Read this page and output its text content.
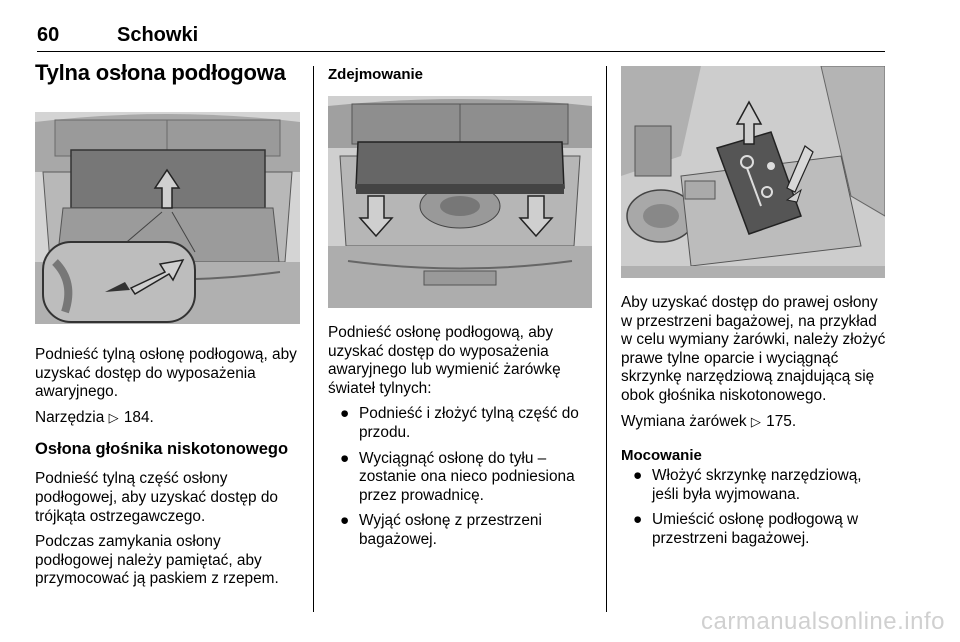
60	Schowki
Tylna osłona podłogowa

Podnieść tylną osłonę podłogową, aby uzyskać dostęp do wyposażenia awaryjnego.

Narzędzia ▷ 184.

Osłona głośnika niskotonowego

Podnieść tylną część osłony podłogowej, aby uzyskać dostęp do trójkąta ostrzegawczego.

Podczas zamykania osłony podłogowej należy pamiętać, aby przymocować ją paskiem z rzepem.

Zdejmowanie

Podnieść osłonę podłogową, aby uzyskać dostęp do wyposażenia awaryjnego lub wymienić żarówkę świateł tylnych:

● Podnieść i złożyć tylną część do przodu.
● Wyciągnąć osłonę do tyłu – zostanie ona nieco podniesiona przez prowadnicę.
● Wyjąć osłonę z przestrzeni bagażowej.

Aby uzyskać dostęp do prawej osłony w przestrzeni bagażowej, na przykład w celu wymiany żarówki, należy złożyć prawe tylne oparcie i wyciągnąć skrzynkę narzędziową znajdującą się obok głośnika niskotonowego.

Wymiana żarówek ▷ 175.

Mocowanie
● Włożyć skrzynkę narzędziową, jeśli była wyjmowana.
● Umieścić osłonę podłogową w przestrzeni bagażowej.
carmanualsonline.info
